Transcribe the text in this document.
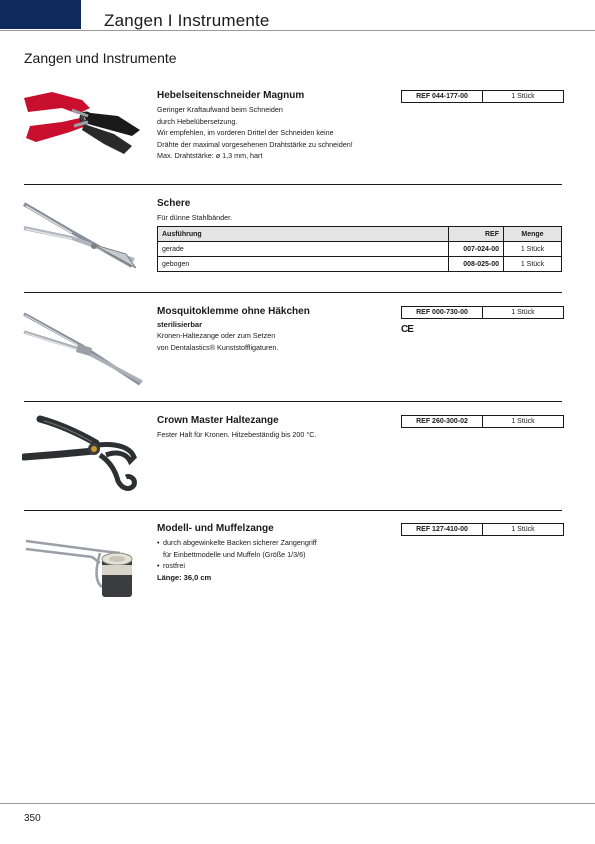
Zangen I Instrumente
Zangen und Instrumente
Hebelseitenschneider Magnum
Geringer Kraftaufwand beim Schneiden
durch Hebelübersetzung.
Wir empfehlen, im vorderen Drittel der Schneiden keine
Drähte der maximal vorgesehenen Drahtstärke zu schneiden!
Max. Drahtstärke: ø 1,3 mm, hart
REF 044-177-00	1 Stück
Schere
Für dünne Stahlbänder.
Ausführung	REF	Menge
gerade	007-024-00	1 Stück
gebogen	008-025-00	1 Stück
Mosquitoklemme ohne Häkchen
sterilisierbar
Kronen-Haltezange oder zum Setzen
von Dentalastics® Kunststoffligaturen.
REF 000-730-00	1 Stück
CE
Crown Master Haltezange
Fester Halt für Kronen. Hitzebeständig bis 200 °C.
REF 260-300-02	1 Stück
Modell- und Muffelzange
• durch abgewinkelte Backen sicherer Zangengriff
für Einbettmodelle und Muffeln (Größe 1/3/6)
• rostfrei
Länge: 36,0 cm
REF 127-410-00	1 Stück
350
